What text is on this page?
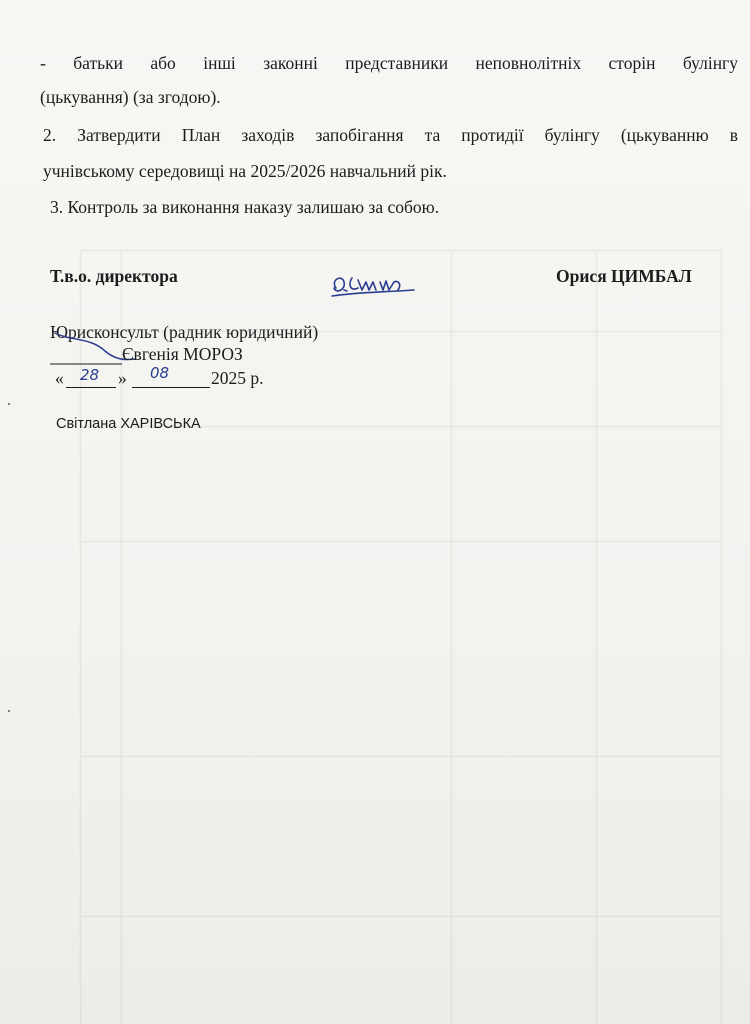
- батьки або інші законні представники неповнолітніх сторін булінгу
(цькування) (за згодою).
2. Затвердити План заходів запобігання та протидії булінгу (цькуванню в
учнівському середовищі на 2025/2026 навчальний рік.
3. Контроль за виконання наказу залишаю за собою.
Т.в.о. директора	Орися ЦИМБАЛ
Юрисконсульт (радник юридичний)
Євгенія МОРОЗ
« 28 » 08 2025 р.
Світлана ХАРІВСЬКА
